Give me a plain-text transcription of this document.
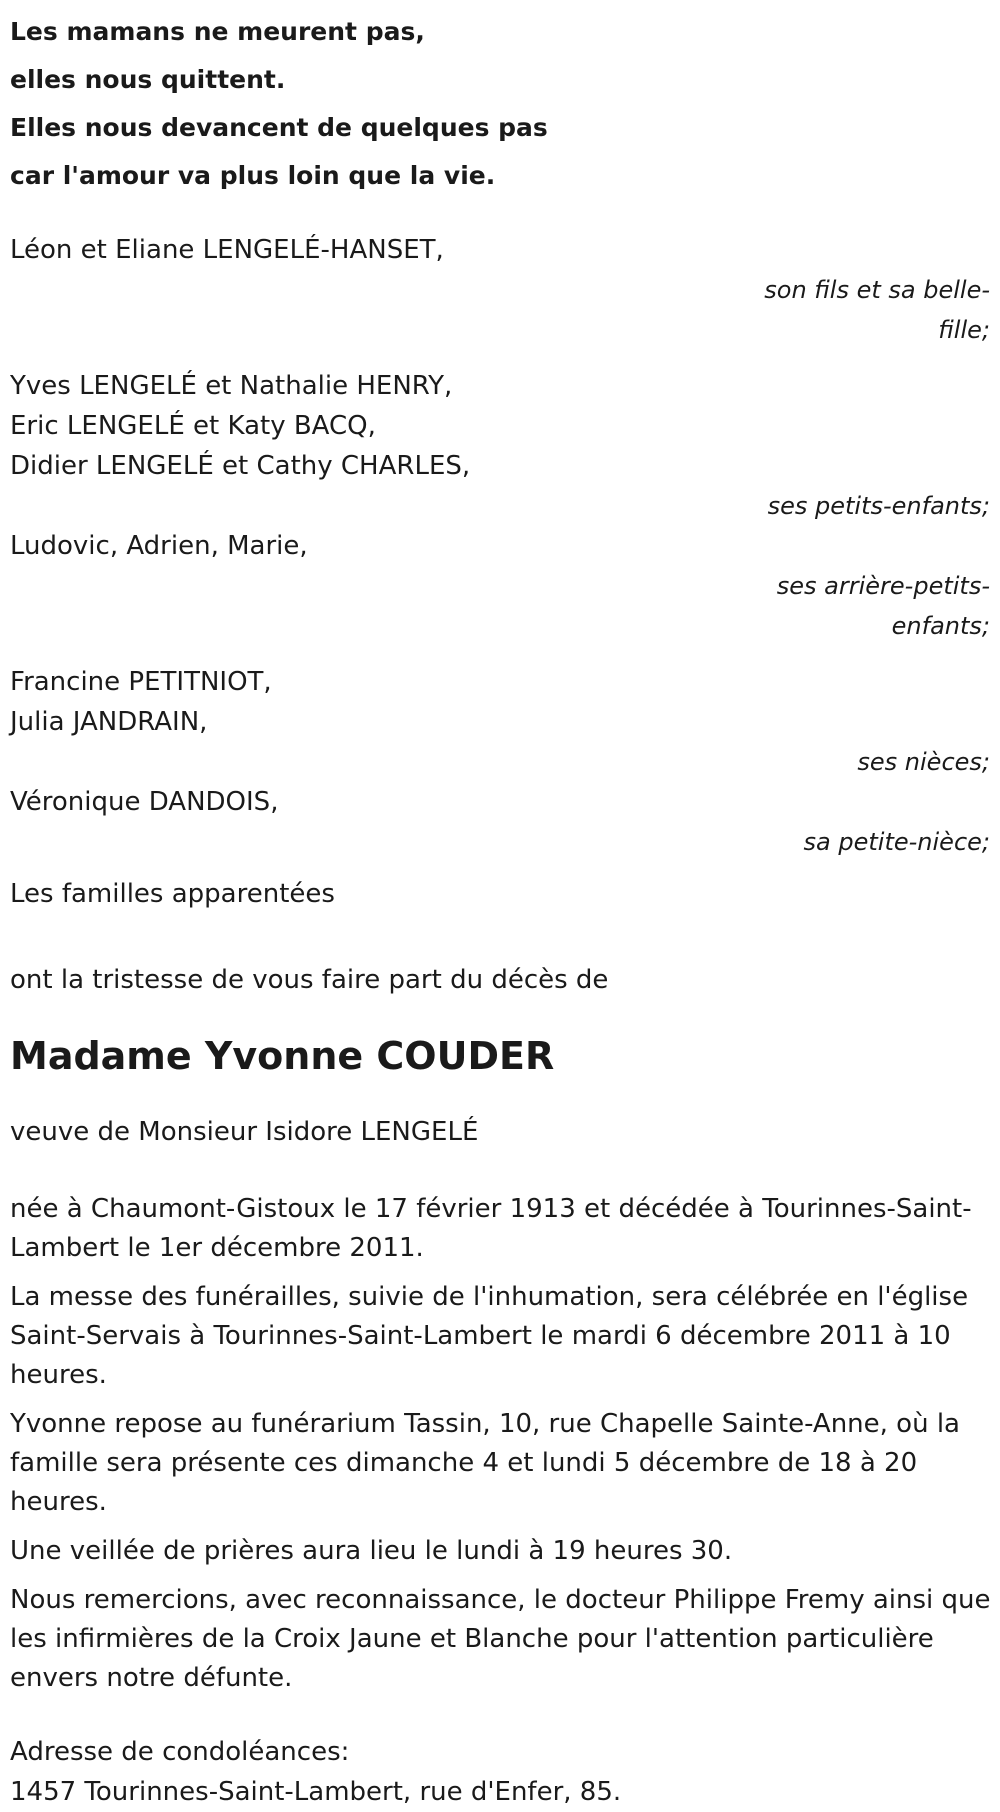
Les mamans ne meurent pas,

elles nous quittent.

Elles nous devancent de quelques pas

car l'amour va plus loin que la vie.

Léon et Eliane LENGELÉ-HANSET,
son fils et sa belle-fille;
Yves LENGELÉ et Nathalie HENRY,
Eric LENGELÉ et Katy BACQ,
Didier LENGELÉ et Cathy CHARLES,
ses petits-enfants;
Ludovic, Adrien, Marie,
ses arrière-petits-enfants;
Francine PETITNIOT,
Julia JANDRAIN,
ses nièces;
Véronique DANDOIS,
sa petite-nièce;
Les familles apparentées
ont la tristesse de vous faire part du décès de
Madame Yvonne COUDER
veuve de Monsieur Isidore LENGELÉ
née à Chaumont-Gistoux le 17 février 1913 et décédée à Tourinnes-Saint-Lambert le 1er décembre 2011.
La messe des funérailles, suivie de l'inhumation, sera célébrée en l'église Saint-Servais à Tourinnes-Saint-Lambert le mardi 6 décembre 2011 à 10 heures.
Yvonne repose au funérarium Tassin, 10, rue Chapelle Sainte-Anne, où la famille sera présente ces dimanche 4 et lundi 5 décembre de 18 à 20 heures.
Une veillée de prières aura lieu le lundi à 19 heures 30.
Nous remercions, avec reconnaissance, le docteur Philippe Fremy ainsi que les infirmières de la Croix Jaune et Blanche pour l'attention particulière envers notre défunte.
Adresse de condoléances:
1457 Tourinnes-Saint-Lambert, rue d'Enfer, 85.
